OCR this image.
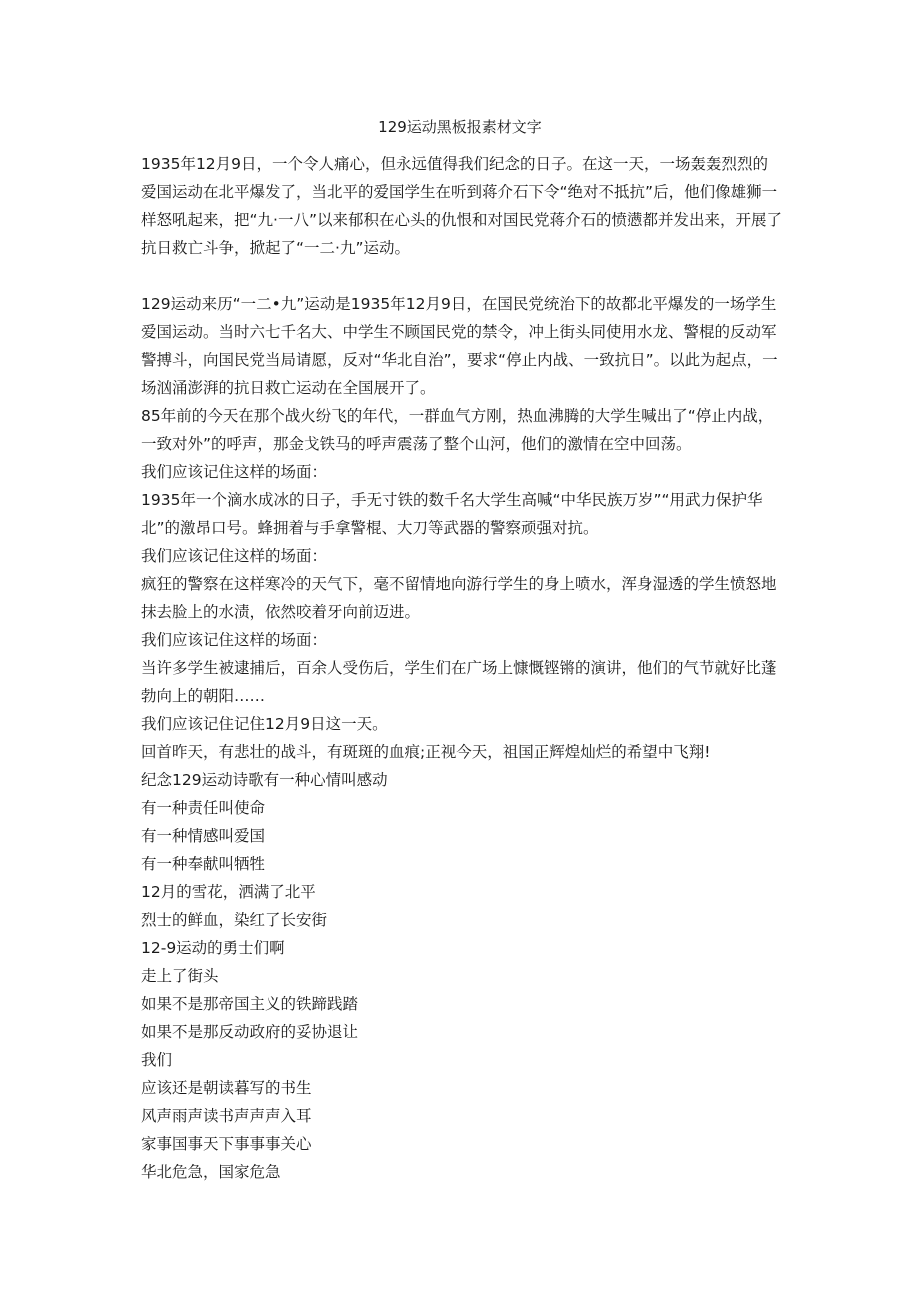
129运动黑板报素材文字

1935年12月9日，一个令人痛心，但永远值得我们纪念的日子。在这一天，一场轰轰烈烈的爱国运动在北平爆发了，当北平的爱国学生在听到蒋介石下令“绝对不抵抗”后，他们像雄狮一样怒吼起来，把“九·一八”以来郁积在心头的仇恨和对国民党蒋介石的愤懑都并发出来，开展了抗日救亡斗争，掀起了“一二·九”运动。

129运动来历“一二•九”运动是1935年12月9日，在国民党统治下的故都北平爆发的一场学生爱国运动。当时六七千名大、中学生不顾国民党的禁令，冲上街头同使用水龙、警棍的反动军警搏斗，向国民党当局请愿，反对“华北自治”，要求“停止内战、一致抗日”。以此为起点，一场汹涌澎湃的抗日救亡运动在全国展开了。

85年前的今天在那个战火纷飞的年代，一群血气方刚，热血沸腾的大学生喊出了“停止内战，一致对外”的呼声，那金戈铁马的呼声震荡了整个山河，他们的激情在空中回荡。

我们应该记住这样的场面：

1935年一个滴水成冰的日子，手无寸铁的数千名大学生高喊“中华民族万岁”“用武力保护华北”的激昂口号。蜂拥着与手拿警棍、大刀等武器的警察顽强对抗。

我们应该记住这样的场面：

疯狂的警察在这样寒冷的天气下，毫不留情地向游行学生的身上喷水，浑身湿透的学生愤怒地抹去脸上的水渍，依然咬着牙向前迈进。

我们应该记住这样的场面：

当许多学生被逮捕后，百余人受伤后，学生们在广场上慷慨铿锵的演讲，他们的气节就好比蓬勃向上的朝阳……

我们应该记住记住12月9日这一天。

回首昨天，有悲壮的战斗，有斑斑的血痕;正视今天，祖国正辉煌灿烂的希望中飞翔!

纪念129运动诗歌有一种心情叫感动

有一种责任叫使命

有一种情感叫爱国

有一种奉献叫牺牲

12月的雪花，洒满了北平

烈士的鲜血，染红了长安街

12-9运动的勇士们啊

走上了街头

如果不是那帝国主义的铁蹄践踏

如果不是那反动政府的妥协退让

我们

应该还是朝读暮写的书生

风声雨声读书声声声入耳

家事国事天下事事事关心

华北危急，国家危急
